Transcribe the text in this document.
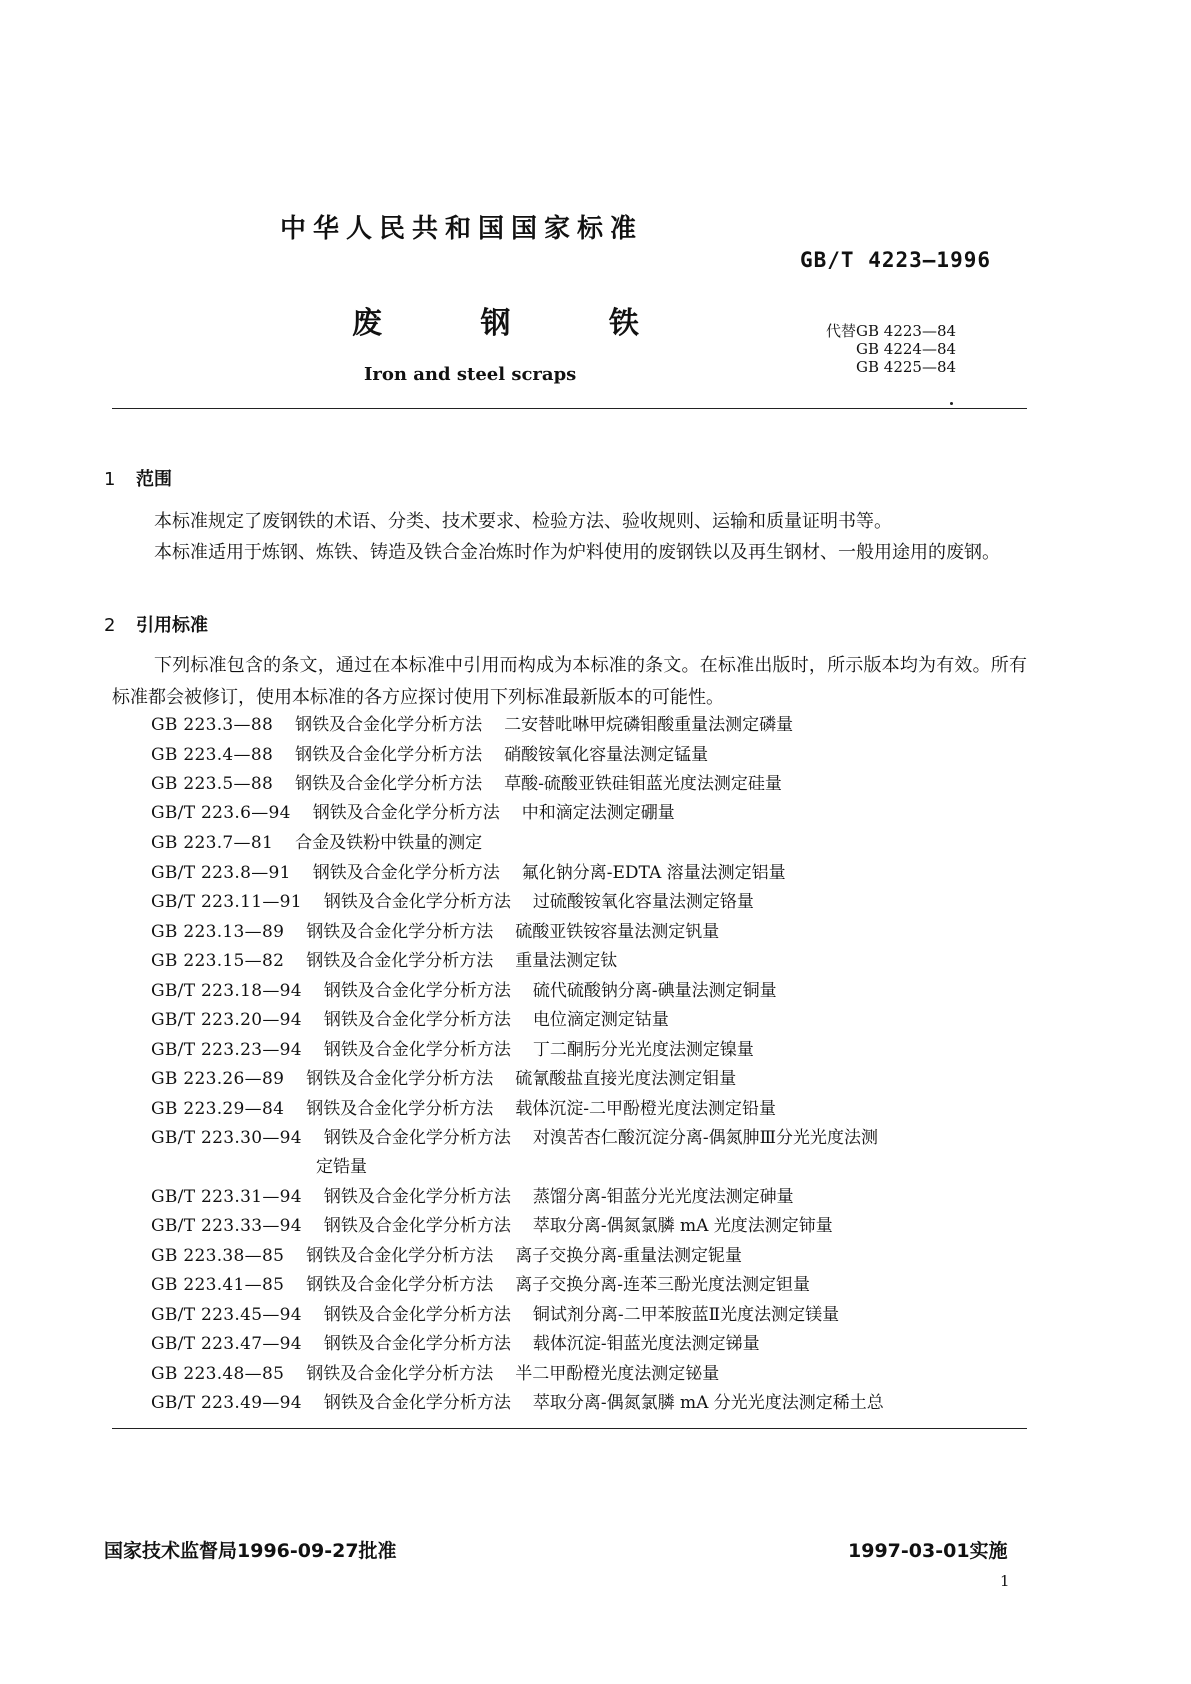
中华人民共和国国家标准
GB/T 4223—1996
废 钢 铁	代替GB 4223—84
GB 4224—84
GB 4225—84
Iron and steel scraps
1 范围
本标准规定了废钢铁的术语、分类、技术要求、检验方法、验收规则、运输和质量证明书等。
本标准适用于炼钢、炼铁、铸造及铁合金冶炼时作为炉料使用的废钢铁以及再生钢材、一般用途用的废钢。
2 引用标准
下列标准包含的条文，通过在本标准中引用而构成为本标准的条文。在标准出版时，所示版本均为有效。所有标准都会被修订，使用本标准的各方应探讨使用下列标准最新版本的可能性。
GB 223.3—88 钢铁及合金化学分析方法 二安替吡啉甲烷磷钼酸重量法测定磷量
GB 223.4—88 钢铁及合金化学分析方法 硝酸铵氧化容量法测定锰量
GB 223.5—88 钢铁及合金化学分析方法 草酸-硫酸亚铁硅钼蓝光度法测定硅量
GB/T 223.6—94 钢铁及合金化学分析方法 中和滴定法测定硼量
GB 223.7—81 合金及铁粉中铁量的测定
GB/T 223.8—91 钢铁及合金化学分析方法 氟化钠分离-EDTA 溶量法测定铝量
GB/T 223.11—91 钢铁及合金化学分析方法 过硫酸铵氧化容量法测定铬量
GB 223.13—89 钢铁及合金化学分析方法 硫酸亚铁铵容量法测定钒量
GB 223.15—82 钢铁及合金化学分析方法 重量法测定钛
GB/T 223.18—94 钢铁及合金化学分析方法 硫代硫酸钠分离-碘量法测定铜量
GB/T 223.20—94 钢铁及合金化学分析方法 电位滴定测定钴量
GB/T 223.23—94 钢铁及合金化学分析方法 丁二酮肟分光光度法测定镍量
GB 223.26—89 钢铁及合金化学分析方法 硫氰酸盐直接光度法测定钼量
GB 223.29—84 钢铁及合金化学分析方法 载体沉淀-二甲酚橙光度法测定铅量
GB/T 223.30—94 钢铁及合金化学分析方法 对溴苦杏仁酸沉淀分离-偶氮胂Ⅲ分光光度法测
定锆量
GB/T 223.31—94 钢铁及合金化学分析方法 蒸馏分离-钼蓝分光光度法测定砷量
GB/T 223.33—94 钢铁及合金化学分析方法 萃取分离-偶氮氯膦 mA 光度法测定铈量
GB 223.38—85 钢铁及合金化学分析方法 离子交换分离-重量法测定铌量
GB 223.41—85 钢铁及合金化学分析方法 离子交换分离-连苯三酚光度法测定钽量
GB/T 223.45—94 钢铁及合金化学分析方法 铜试剂分离-二甲苯胺蓝Ⅱ光度法测定镁量
GB/T 223.47—94 钢铁及合金化学分析方法 载体沉淀-钼蓝光度法测定锑量
GB 223.48—85 钢铁及合金化学分析方法 半二甲酚橙光度法测定铋量
GB/T 223.49—94 钢铁及合金化学分析方法 萃取分离-偶氮氯膦 mA 分光光度法测定稀土总
国家技术监督局1996-09-27批准	1997-03-01实施
1
